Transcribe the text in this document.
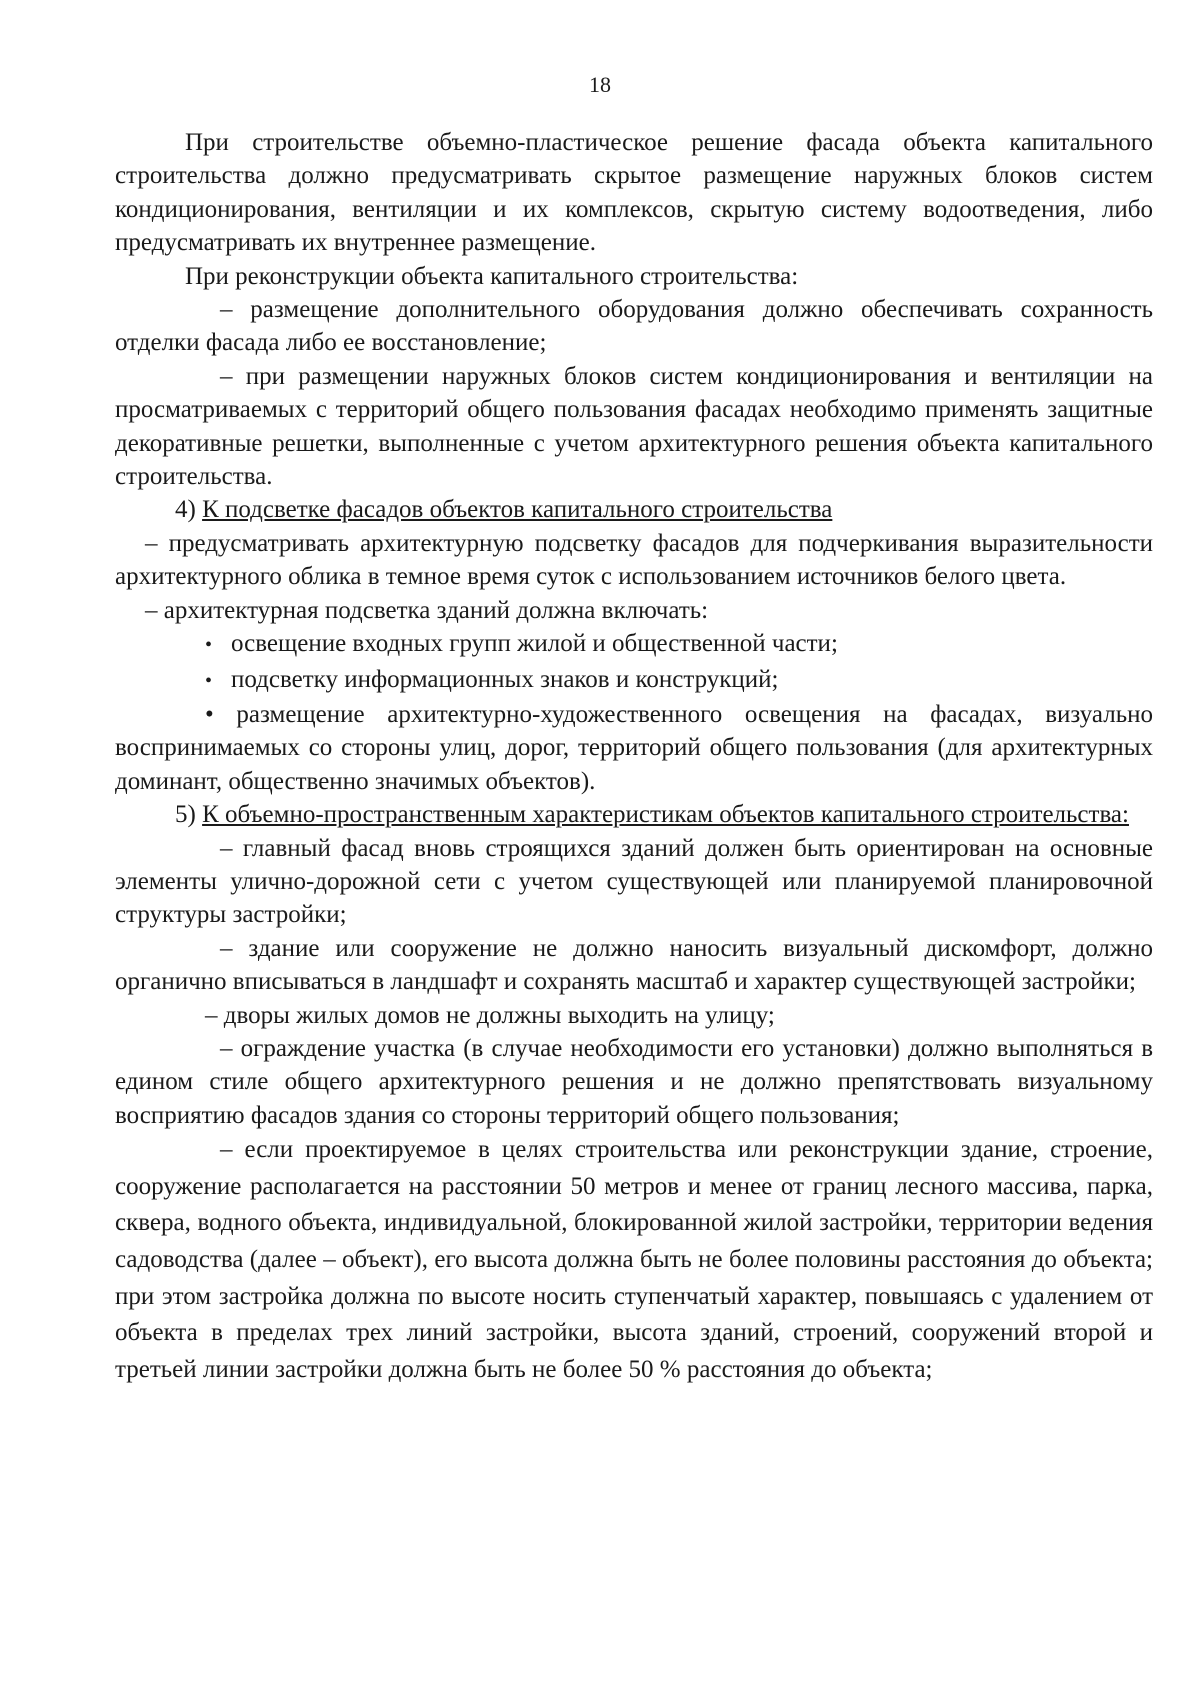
18

При строительстве объемно-пластическое решение фасада объекта капитального строительства должно предусматривать скрытое размещение наружных блоков систем кондиционирования, вентиляции и их комплексов, скрытую систему водоотведения, либо предусматривать их внутреннее размещение.

При реконструкции объекта капитального строительства:

– размещение дополнительного оборудования должно обеспечивать сохранность отделки фасада либо ее восстановление;

– при размещении наружных блоков систем кондиционирования и вентиляции на просматриваемых с территорий общего пользования фасадах необходимо применять защитные декоративные решетки, выполненные с учетом архитектурного решения объекта капитального строительства.

4) К подсветке фасадов объектов капитального строительства

– предусматривать архитектурную подсветку фасадов для подчеркивания выразительности архитектурного облика в темное время суток с использованием источников белого цвета.

– архитектурная подсветка зданий должна включать:

• освещение входных групп жилой и общественной части;

• подсветку информационных знаков и конструкций;

• размещение архитектурно-художественного освещения на фасадах, визуально воспринимаемых со стороны улиц, дорог, территорий общего пользования (для архитектурных доминант, общественно значимых объектов).

5) К объемно-пространственным характеристикам объектов капитального строительства:

– главный фасад вновь строящихся зданий должен быть ориентирован на основные элементы улично-дорожной сети с учетом существующей или планируемой планировочной структуры застройки;

– здание или сооружение не должно наносить визуальный дискомфорт, должно органично вписываться в ландшафт и сохранять масштаб и характер существующей застройки;

– дворы жилых домов не должны выходить на улицу;

– ограждение участка (в случае необходимости его установки) должно выполняться в едином стиле общего архитектурного решения и не должно препятствовать визуальному восприятию фасадов здания со стороны территорий общего пользования;

– если проектируемое в целях строительства или реконструкции здание, строение, сооружение располагается на расстоянии 50 метров и менее от границ лесного массива, парка, сквера, водного объекта, индивидуальной, блокированной жилой застройки, территории ведения садоводства (далее – объект), его высота должна быть не более половины расстояния до объекта; при этом застройка должна по высоте носить ступенчатый характер, повышаясь с удалением от объекта в пределах трех линий застройки, высота зданий, строений, сооружений второй и третьей линии застройки должна быть не более 50 % расстояния до объекта;
